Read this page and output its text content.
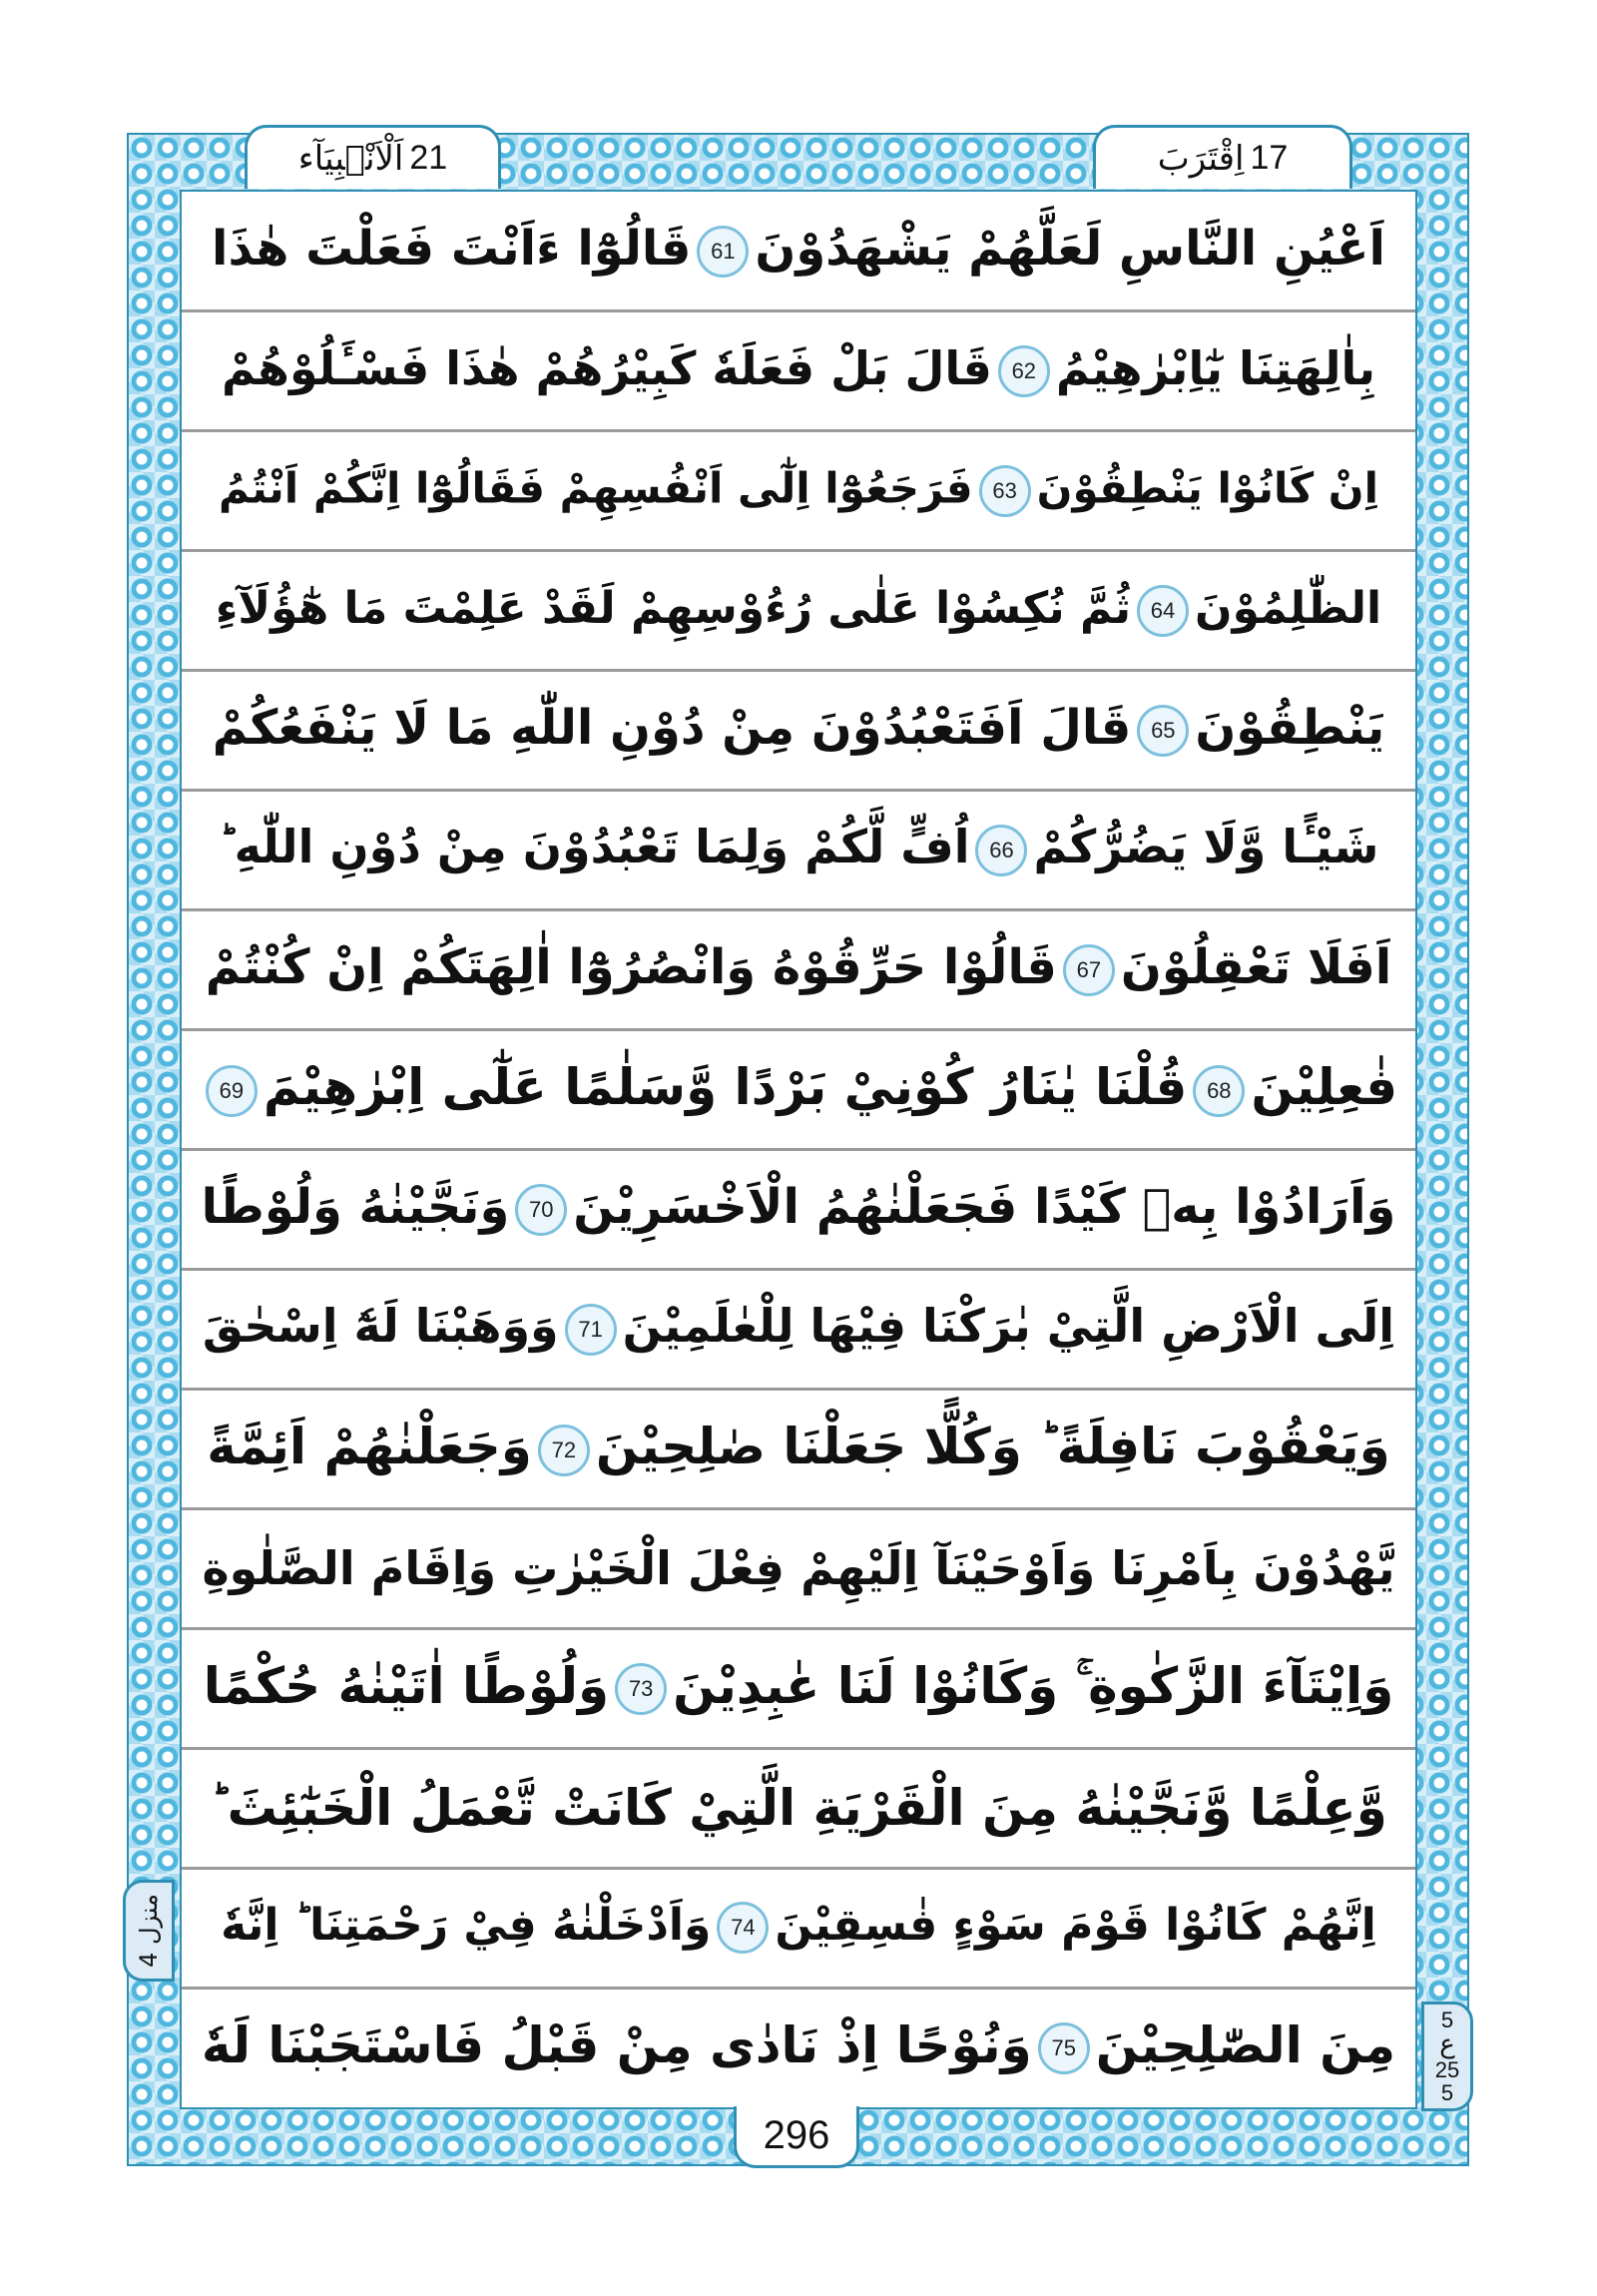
اَلْاَنْۢبِيَآء 21	اِقْتَرَبَ 17
اَعْيُنِ النَّاسِ لَعَلَّهُمْ يَشْهَدُوْنَ61قَالُوْٓا ءَاَنْتَ فَعَلْتَ هٰذَا
بِاٰلِهَتِنَا يٰٓاِبْرٰهِيْمُ62قَالَ بَلْ فَعَلَهٗ كَبِيْرُهُمْ هٰذَا فَسْـَٔلُوْهُمْ
اِنْ كَانُوْا يَنْطِقُوْنَ63فَرَجَعُوْٓا اِلٰٓى اَنْفُسِهِمْ فَقَالُوْٓا اِنَّكُمْ اَنْتُمُ
الظّٰلِمُوْنَ64ثُمَّ نُكِسُوْا عَلٰى رُءُوْسِهِمْ لَقَدْ عَلِمْتَ مَا هٰٓؤُلَآءِ
يَنْطِقُوْنَ65قَالَ اَفَتَعْبُدُوْنَ مِنْ دُوْنِ اللّٰهِ مَا لَا يَنْفَعُكُمْ
شَيْـًٔا وَّلَا يَضُرُّكُمْ66اُفٍّ لَّكُمْ وَلِمَا تَعْبُدُوْنَ مِنْ دُوْنِ اللّٰهِ ؕ
اَفَلَا تَعْقِلُوْنَ67قَالُوْا حَرِّقُوْهُ وَانْصُرُوْٓا اٰلِهَتَكُمْ اِنْ كُنْتُمْ
فٰعِلِيْنَ68قُلْنَا يٰنَارُ كُوْنِيْ بَرْدًا وَّسَلٰمًا عَلٰٓى اِبْرٰهِيْمَ69
وَاَرَادُوْا بِهٖ كَيْدًا فَجَعَلْنٰهُمُ الْاَخْسَرِيْنَ70وَنَجَّيْنٰهُ وَلُوْطًا
اِلَى الْاَرْضِ الَّتِيْ بٰرَكْنَا فِيْهَا لِلْعٰلَمِيْنَ71وَوَهَبْنَا لَهٗٓ اِسْحٰقَ
وَيَعْقُوْبَ نَافِلَةً ؕ وَكُلًّا جَعَلْنَا صٰلِحِيْنَ72وَجَعَلْنٰهُمْ اَئِمَّةً
يَّهْدُوْنَ بِاَمْرِنَا وَاَوْحَيْنَآ اِلَيْهِمْ فِعْلَ الْخَيْرٰتِ وَاِقَامَ الصَّلٰوةِ
وَاِيْتَآءَ الزَّكٰوةِ ۚ وَكَانُوْا لَنَا عٰبِدِيْنَ73وَلُوْطًا اٰتَيْنٰهُ حُكْمًا
وَّعِلْمًا وَّنَجَّيْنٰهُ مِنَ الْقَرْيَةِ الَّتِيْ كَانَتْ تَّعْمَلُ الْخَبٰٓئِثَ ؕ
اِنَّهُمْ كَانُوْا قَوْمَ سَوْءٍ فٰسِقِيْنَ74وَاَدْخَلْنٰهُ فِيْ رَحْمَتِنَا ؕ اِنَّهٗ
مِنَ الصّٰلِحِيْنَ75وَنُوْحًا اِذْ نَادٰى مِنْ قَبْلُ فَاسْتَجَبْنَا لَهٗ
منزل 4
5
ع
25
5
296
